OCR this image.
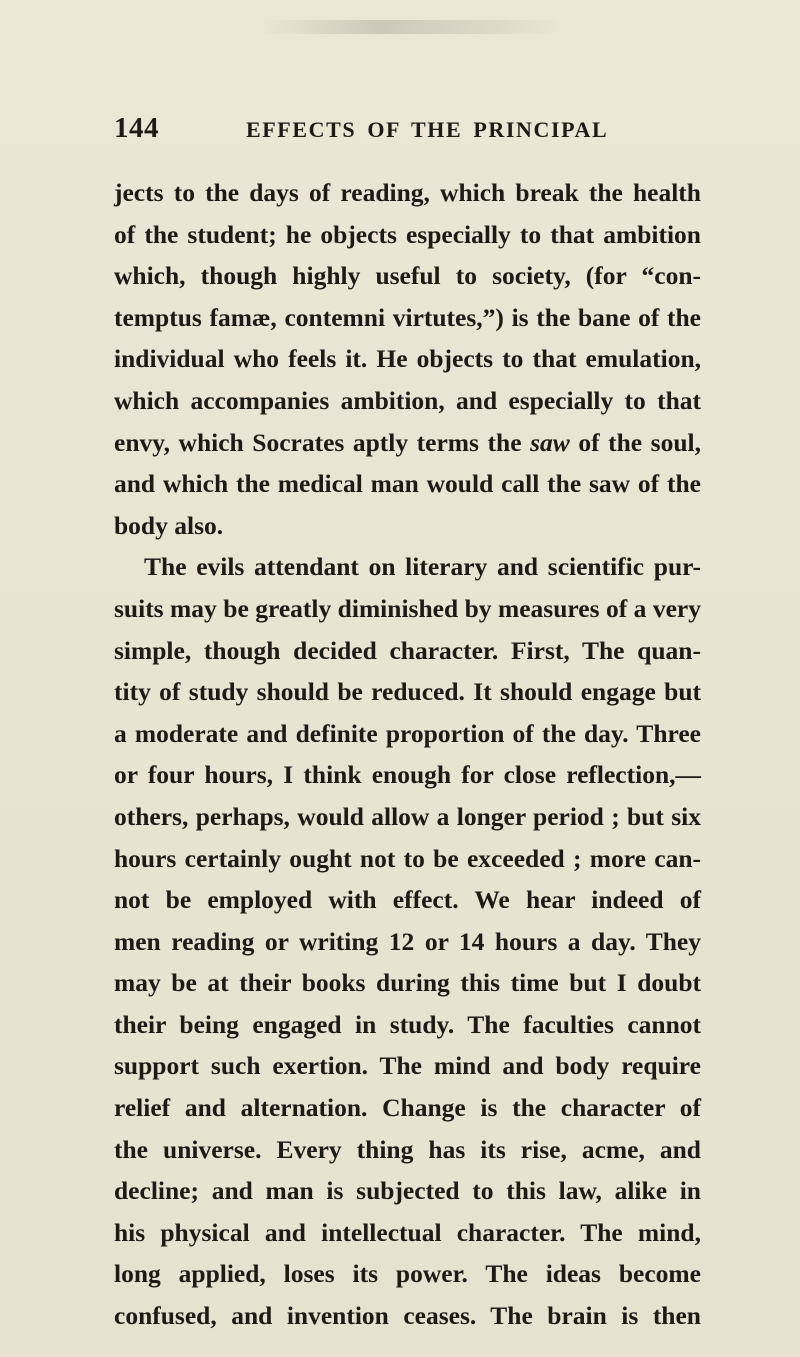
144	EFFECTS OF THE PRINCIPAL
jects to the days of reading, which break the health
of the student; he objects especially to that ambition
which, though highly useful to society, (for “con-
temptus famæ, contemni virtutes,”) is the bane of the
individual who feels it. He objects to that emulation,
which accompanies ambition, and especially to that
envy, which Socrates aptly terms the saw of the soul,
and which the medical man would call the saw of the
body also.
The evils attendant on literary and scientific pur-
suits may be greatly diminished by measures of a very
simple, though decided character. First, The quan-
tity of study should be reduced. It should engage but
a moderate and definite proportion of the day. Three
or four hours, I think enough for close reflection,—
others, perhaps, would allow a longer period ; but six
hours certainly ought not to be exceeded ; more can-
not be employed with effect. We hear indeed of
men reading or writing 12 or 14 hours a day. They
may be at their books during this time but I doubt
their being engaged in study. The faculties cannot
support such exertion. The mind and body require
relief and alternation. Change is the character of
the universe. Every thing has its rise, acme, and
decline; and man is subjected to this law, alike in
his physical and intellectual character. The mind,
long applied, loses its power. The ideas become
confused, and invention ceases. The brain is then
